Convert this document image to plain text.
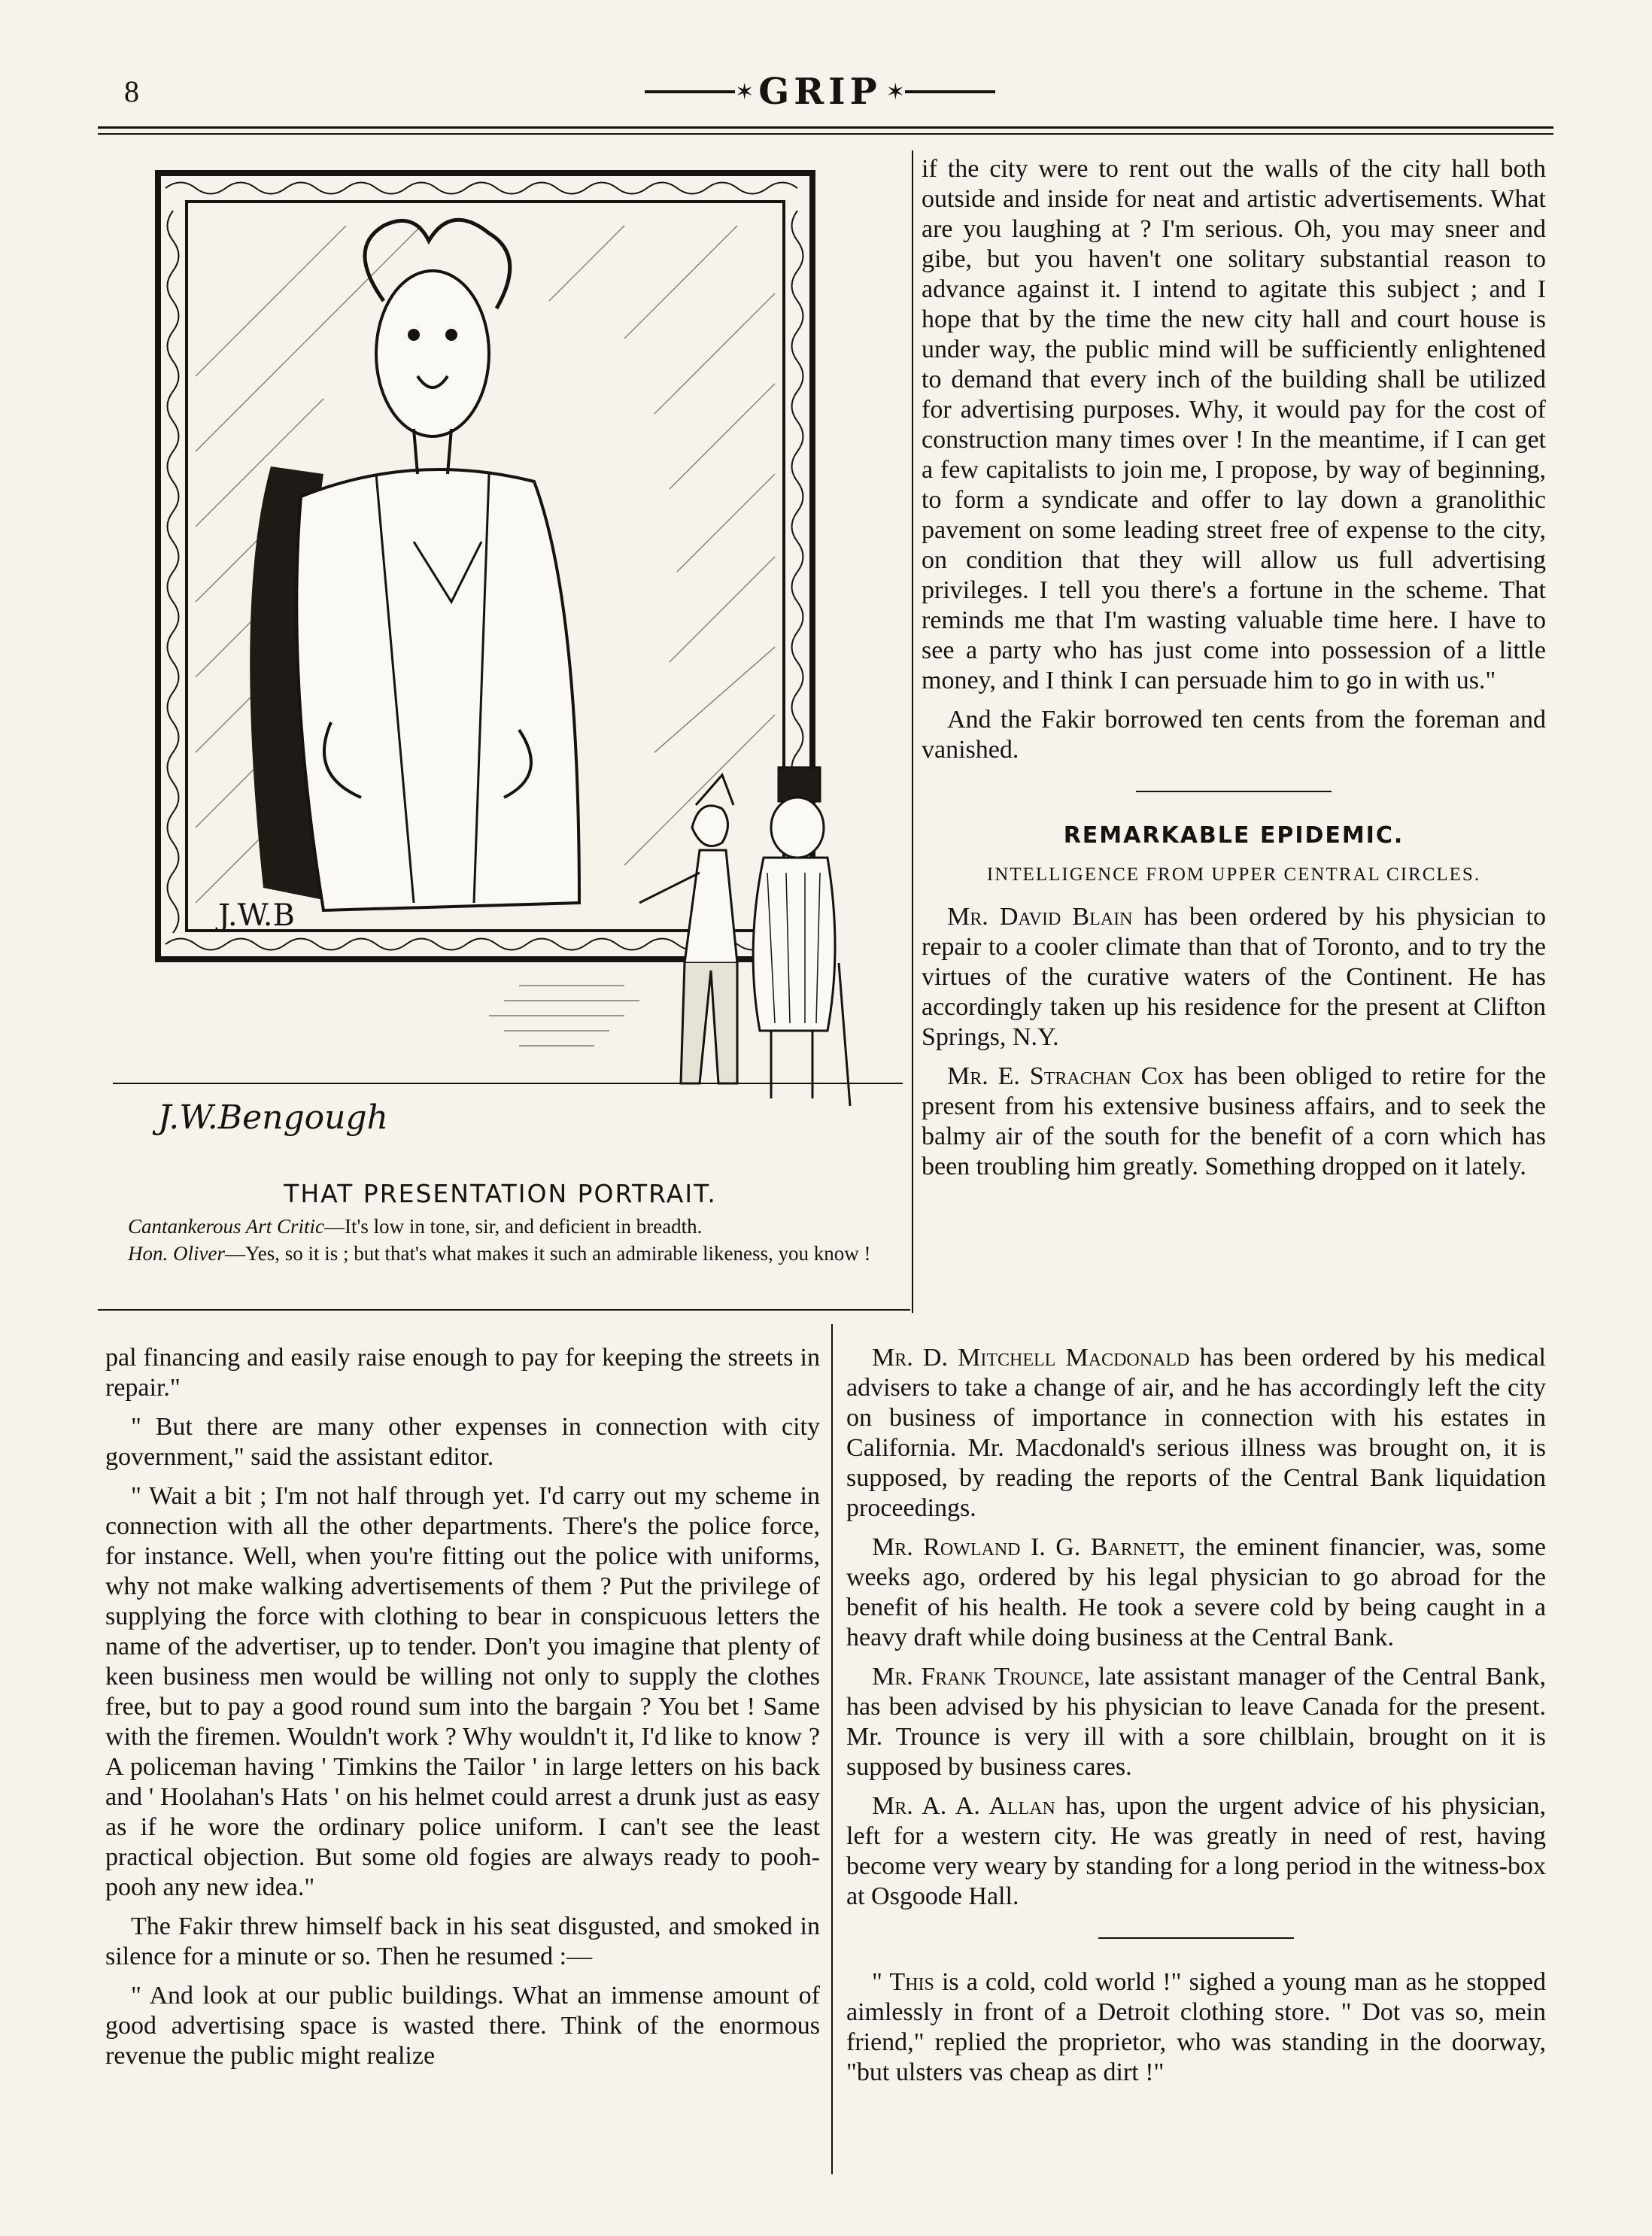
8	✶ GRIP ✶
J.W.B
J.W.Bengough
THAT PRESENTATION PORTRAIT.
Cantankerous Art Critic—It's low in tone, sir, and deficient in breadth.
Hon. Oliver—Yes, so it is ; but that's what makes it such an admirable likeness, you know !

if the city were to rent out the walls of the city hall both outside and inside for neat and artistic advertisements. What are you laughing at ? I'm serious. Oh, you may sneer and gibe, but you haven't one solitary substantial reason to advance against it. I intend to agitate this subject ; and I hope that by the time the new city hall and court house is under way, the public mind will be sufficiently enlightened to demand that every inch of the building shall be utilized for advertising purposes. Why, it would pay for the cost of construction many times over ! In the meantime, if I can get a few capitalists to join me, I propose, by way of beginning, to form a syndicate and offer to lay down a granolithic pavement on some leading street free of expense to the city, on condition that they will allow us full advertising privileges. I tell you there's a fortune in the scheme. That reminds me that I'm wasting valuable time here. I have to see a party who has just come into possession of a little money, and I think I can persuade him to go in with us."

And the Fakir borrowed ten cents from the foreman and vanished.

REMARKABLE EPIDEMIC.
INTELLIGENCE FROM UPPER CENTRAL CIRCLES.

Mr. David Blain has been ordered by his physician to repair to a cooler climate than that of Toronto, and to try the virtues of the curative waters of the Continent. He has accordingly taken up his residence for the present at Clifton Springs, N.Y.

Mr. E. Strachan Cox has been obliged to retire for the present from his extensive business affairs, and to seek the balmy air of the south for the benefit of a corn which has been troubling him greatly. Something dropped on it lately.

Mr. D. Mitchell Macdonald has been ordered by his medical advisers to take a change of air, and he has accordingly left the city on business of importance in connection with his estates in California. Mr. Macdonald's serious illness was brought on, it is supposed, by reading the reports of the Central Bank liquidation proceedings.

Mr. Rowland I. G. Barnett, the eminent financier, was, some weeks ago, ordered by his legal physician to go abroad for the benefit of his health. He took a severe cold by being caught in a heavy draft while doing business at the Central Bank.

Mr. Frank Trounce, late assistant manager of the Central Bank, has been advised by his physician to leave Canada for the present. Mr. Trounce is very ill with a sore chilblain, brought on it is supposed by business cares.

Mr. A. A. Allan has, upon the urgent advice of his physician, left for a western city. He was greatly in need of rest, having become very weary by standing for a long period in the witness-box at Osgoode Hall.

" This is a cold, cold world !" sighed a young man as he stopped aimlessly in front of a Detroit clothing store. " Dot vas so, mein friend," replied the proprietor, who was standing in the doorway, "but ulsters vas cheap as dirt !"

pal financing and easily raise enough to pay for keeping the streets in repair."

" But there are many other expenses in connection with city government," said the assistant editor.

" Wait a bit ; I'm not half through yet. I'd carry out my scheme in connection with all the other departments. There's the police force, for instance. Well, when you're fitting out the police with uniforms, why not make walking advertisements of them ? Put the privilege of supplying the force with clothing to bear in conspicuous letters the name of the advertiser, up to tender. Don't you imagine that plenty of keen business men would be willing not only to supply the clothes free, but to pay a good round sum into the bargain ? You bet ! Same with the firemen. Wouldn't work ? Why wouldn't it, I'd like to know ? A policeman having ' Timkins the Tailor ' in large letters on his back and ' Hoolahan's Hats ' on his helmet could arrest a drunk just as easy as if he wore the ordinary police uniform. I can't see the least practical objection. But some old fogies are always ready to pooh-pooh any new idea."

The Fakir threw himself back in his seat disgusted, and smoked in silence for a minute or so. Then he resumed :—

" And look at our public buildings. What an immense amount of good advertising space is wasted there. Think of the enormous revenue the public might realize
